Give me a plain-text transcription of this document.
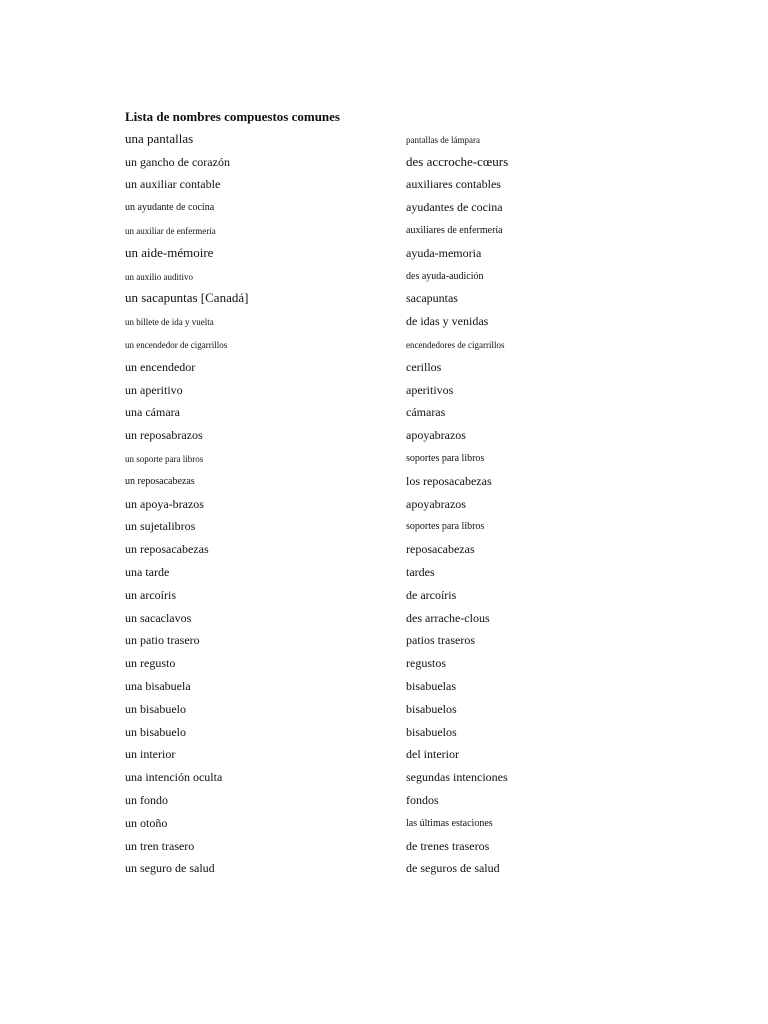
Lista de nombres compuestos comunes
una pantallas	pantallas de lámpara
un gancho de corazón	des accroche-cœurs
un auxiliar contable	auxiliares contables
un ayudante de cocina	ayudantes de cocina
un auxiliar de enfermería	auxiliares de enfermería
un aide-mémoire	ayuda-memoria
un auxilio auditivo	des ayuda-audición
un sacapuntas [Canadá]	sacapuntas
un billete de ida y vuelta	de idas y venidas
un encendedor de cigarrillos	encendedores de cigarrillos
un encendedor	cerillos
un aperitivo	aperitivos
una cámara	cámaras
un reposabrazos	apoyabrazos
un soporte para libros	soportes para libros
un reposacabezas	los reposacabezas
un apoya-brazos	apoyabrazos
un sujetalibros	soportes para libros
un reposacabezas	reposacabezas
una tarde	tardes
un arcoíris	de arcoíris
un sacaclavos	des arrache-clous
un patio trasero	patios traseros
un regusto	regustos
una bisabuela	bisabuelas
un bisabuelo	bisabuelos
un bisabuelo	bisabuelos
un interior	del interior
una intención oculta	segundas intenciones
un fondo	fondos
un otoño	las últimas estaciones
un tren trasero	de trenes traseros
un seguro de salud	de seguros de salud
